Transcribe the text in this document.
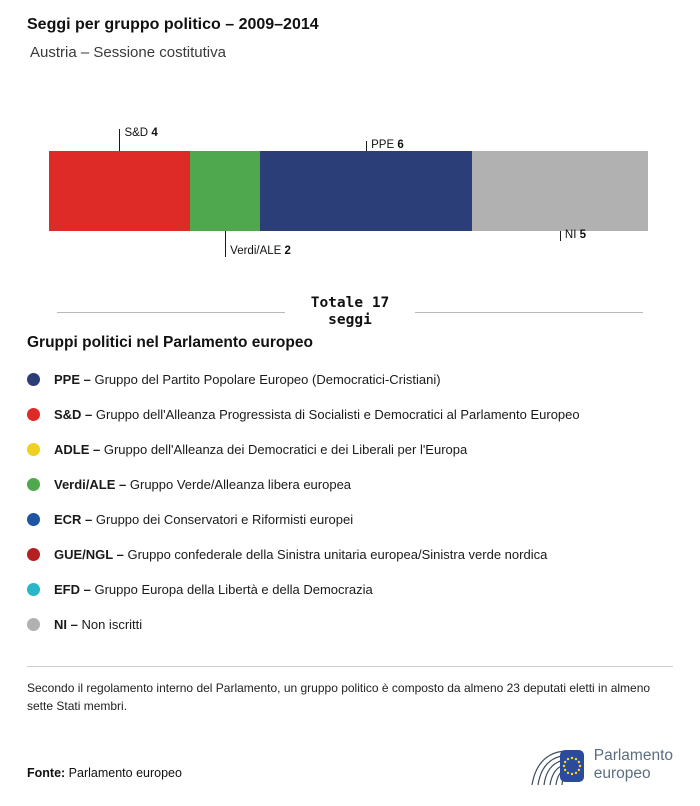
Seggi per gruppo politico – 2009–2014
Austria – Sessione costitutiva
S&D 4
Verdi/ALE 2
PPE 6
NI 5
Totale 17
seggi
Gruppi politici nel Parlamento europeo
PPE – Gruppo del Partito Popolare Europeo (Democratici-Cristiani)
S&D – Gruppo dell'Alleanza Progressista di Socialisti e Democratici al Parlamento Europeo
ADLE – Gruppo dell'Alleanza dei Democratici e dei Liberali per l'Europa
Verdi/ALE – Gruppo Verde/Alleanza libera europea
ECR – Gruppo dei Conservatori e Riformisti europei
GUE/NGL – Gruppo confederale della Sinistra unitaria europea/Sinistra verde nordica
EFD – Gruppo Europa della Libertà e della Democrazia
NI – Non iscritti
Secondo il regolamento interno del Parlamento, un gruppo politico è composto da almeno 23 deputati eletti in almeno sette Stati membri.
Fonte: Parlamento europeo
Parlamento
europeo
